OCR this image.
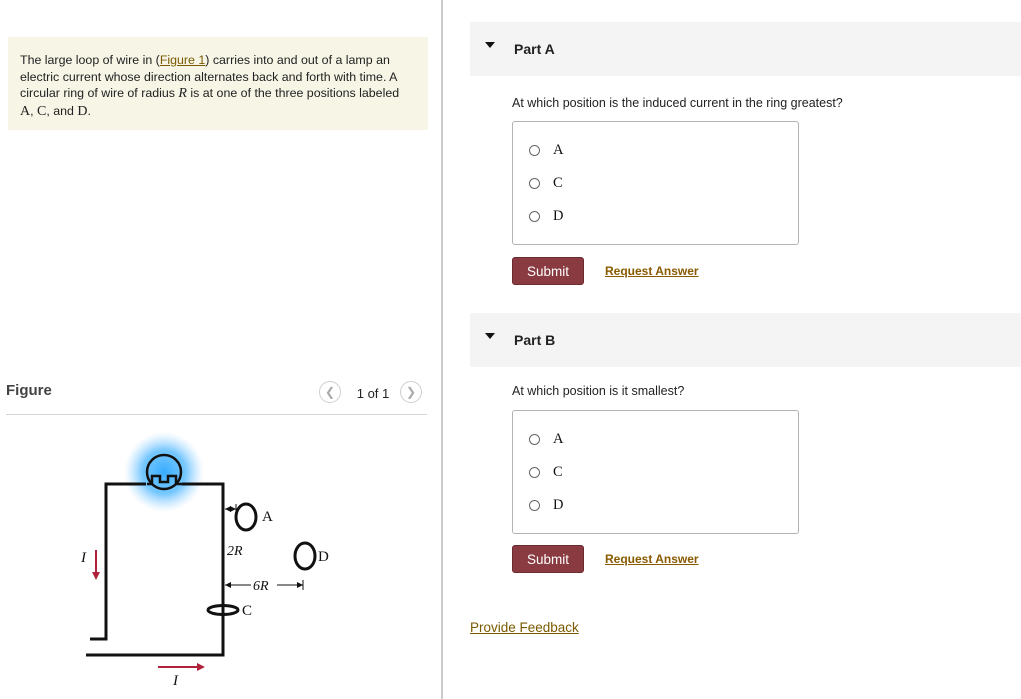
The large loop of wire in (Figure 1) carries into and out of a lamp an electric current whose direction alternates back and forth with time. A circular ring of wire of radius R is at one of the three positions labeled A, C, and D.
Figure	❮	1 of 1	❯
A
2R	D
6R
C
I
I
Part A
At which position is the induced current in the ring greatest?
A
C
D
Submit	Request Answer
Part B
At which position is it smallest?
A
C
D
Submit	Request Answer
Provide Feedback
